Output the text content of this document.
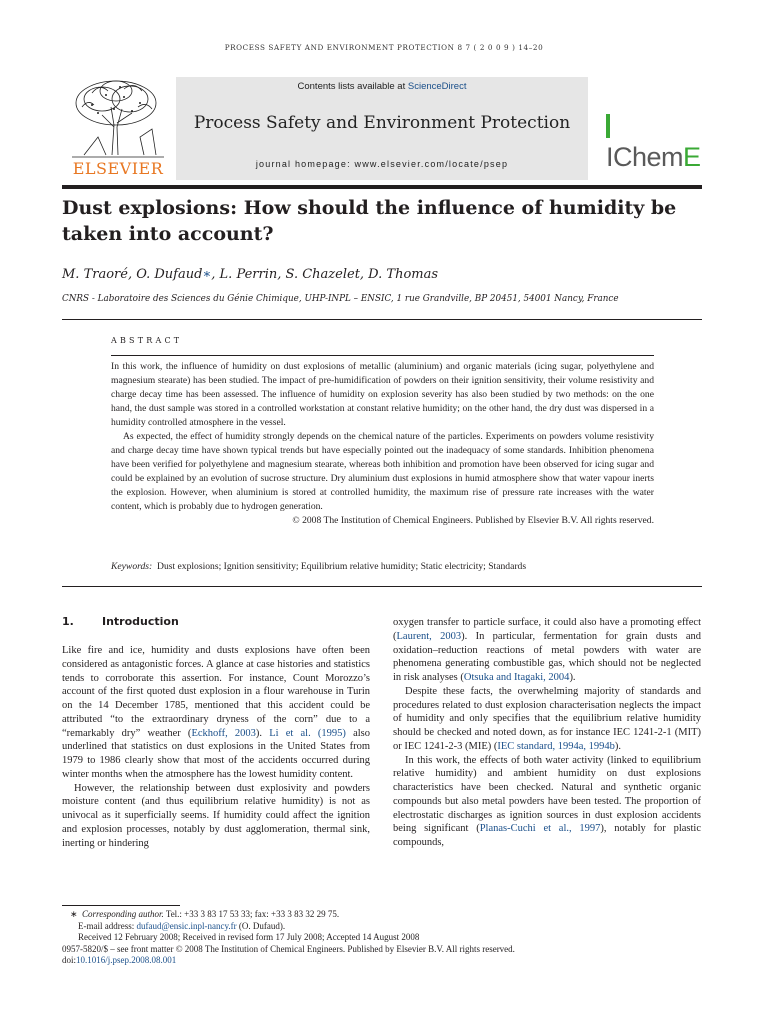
PROCESS SAFETY AND ENVIRONMENT PROTECTION 8 7 ( 2 0 0 9 ) 14–20
ELSEVIER
Contents lists available at ScienceDirect
Process Safety and Environment Protection
journal homepage: www.elsevier.com/locate/psep	IChemE
Dust explosions: How should the influence of humidity be taken into account?
M. Traoré, O. Dufaud∗, L. Perrin, S. Chazelet, D. Thomas
CNRS - Laboratoire des Sciences du Génie Chimique, UHP-INPL – ENSIC, 1 rue Grandville, BP 20451, 54001 Nancy, France
ABSTRACT

In this work, the influence of humidity on dust explosions of metallic (aluminium) and organic materials (icing sugar, polyethylene and magnesium stearate) has been studied. The impact of pre-humidification of powders on their ignition sensitivity, their volume resistivity and charge decay time has been assessed. The influence of humidity on explosion severity has also been studied by two methods: on the one hand, the dust sample was stored in a controlled workstation at constant relative humidity; on the other hand, the dry dust was dispersed in a humidity controlled atmosphere in the vessel.

As expected, the effect of humidity strongly depends on the chemical nature of the particles. Experiments on powders volume resistivity and charge decay time have shown typical trends but have especially pointed out the inadequacy of some standards. Inhibition phenomena have been verified for polyethylene and magnesium stearate, whereas both inhibition and promotion have been observed for icing sugar and could be explained by an evolution of sucrose structure. Dry aluminium dust explosions in humid atmosphere show that water vapour inerts the explosion. However, when aluminium is stored at controlled humidity, the maximum rise of pressure rate increases with the water content, which is probably due to hydrogen generation.

© 2008 The Institution of Chemical Engineers. Published by Elsevier B.V. All rights reserved.

Keywords: Dust explosions; Ignition sensitivity; Equilibrium relative humidity; Static electricity; Standards
1.	Introduction

Like fire and ice, humidity and dusts explosions have often been considered as antagonistic forces. A glance at case histories and statistics tends to corroborate this assertion. For instance, Count Morozzo’s account of the first quoted dust explosion in a flour warehouse in Turin on the 14 December 1785, mentioned that this accident could be attributed “to the extraordinary dryness of the corn” due to a “remarkably dry” weather (Eckhoff, 2003). Li et al. (1995) also underlined that statistics on dust explosions in the United States from 1979 to 1986 clearly show that most of the accidents occurred during winter months when the atmosphere has the lowest humidity content.

However, the relationship between dust explosivity and powders moisture content (and thus equilibrium relative humidity) is not as univocal as it superficially seems. If humidity could affect the ignition and explosion processes, notably by dust agglomeration, thermal sink, inerting or hindering

oxygen transfer to particle surface, it could also have a promoting effect (Laurent, 2003). In particular, fermentation for grain dusts and oxidation–reduction reactions of metal powders with water are phenomena generating combustible gas, which should not be neglected in risk analyses (Otsuka and Itagaki, 2004).

Despite these facts, the overwhelming majority of standards and procedures related to dust explosion characterisation neglects the impact of humidity and only specifies that the equilibrium relative humidity should be checked and noted down, as for instance IEC 1241-2-1 (MIT) or IEC 1241-2-3 (MIE) (IEC standard, 1994a, 1994b).

In this work, the effects of both water activity (linked to equilibrium relative humidity) and ambient humidity on dust explosions characteristics have been checked. Natural and synthetic organic compounds but also metal powders have been tested. The proportion of electrostatic discharges as ignition sources in dust explosion accidents being significant (Planas-Cuchi et al., 1997), notably for plastic compounds,

∗ Corresponding author. Tel.: +33 3 83 17 53 33; fax: +33 3 83 32 29 75.
E-mail address: dufaud@ensic.inpl-nancy.fr (O. Dufaud).
Received 12 February 2008; Received in revised form 17 July 2008; Accepted 14 August 2008
0957-5820/$ – see front matter © 2008 The Institution of Chemical Engineers. Published by Elsevier B.V. All rights reserved.
doi:10.1016/j.psep.2008.08.001
